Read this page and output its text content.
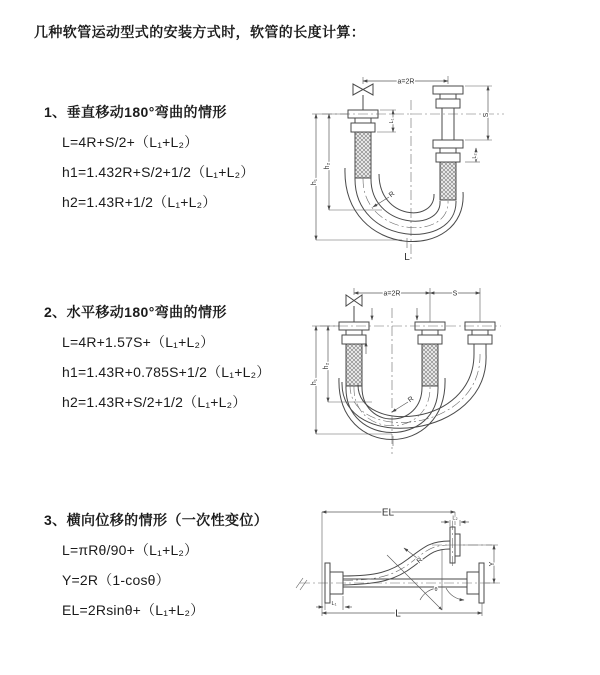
几种软管运动型式的安装方式时，软管的长度计算：
1、垂直移动180°弯曲的情形
L=4R+S/2+（L₁+L₂）
h1=1.432R+S/2+1/2（L₁+L₂）
h2=1.43R+1/2（L₁+L₂）	R
a=2R
h₁
h₂
L₁
S
L₂
L
2、水平移动180°弯曲的情形
L=4R+1.57S+（L₁+L₂）
h1=1.43R+0.785S+1/2（L₁+L₂）
h2=1.43R+S/2+1/2（L₁+L₂）
a=2R	S
h₁
h₂
R
3、横向位移的情形（一次性变位）
L=πRθ/90+（L₁+L₂）
Y=2R（1-cosθ）
EL=2Rsinθ+（L₁+L₂）
EL	L₂
Y
L
L₁
θ
R
